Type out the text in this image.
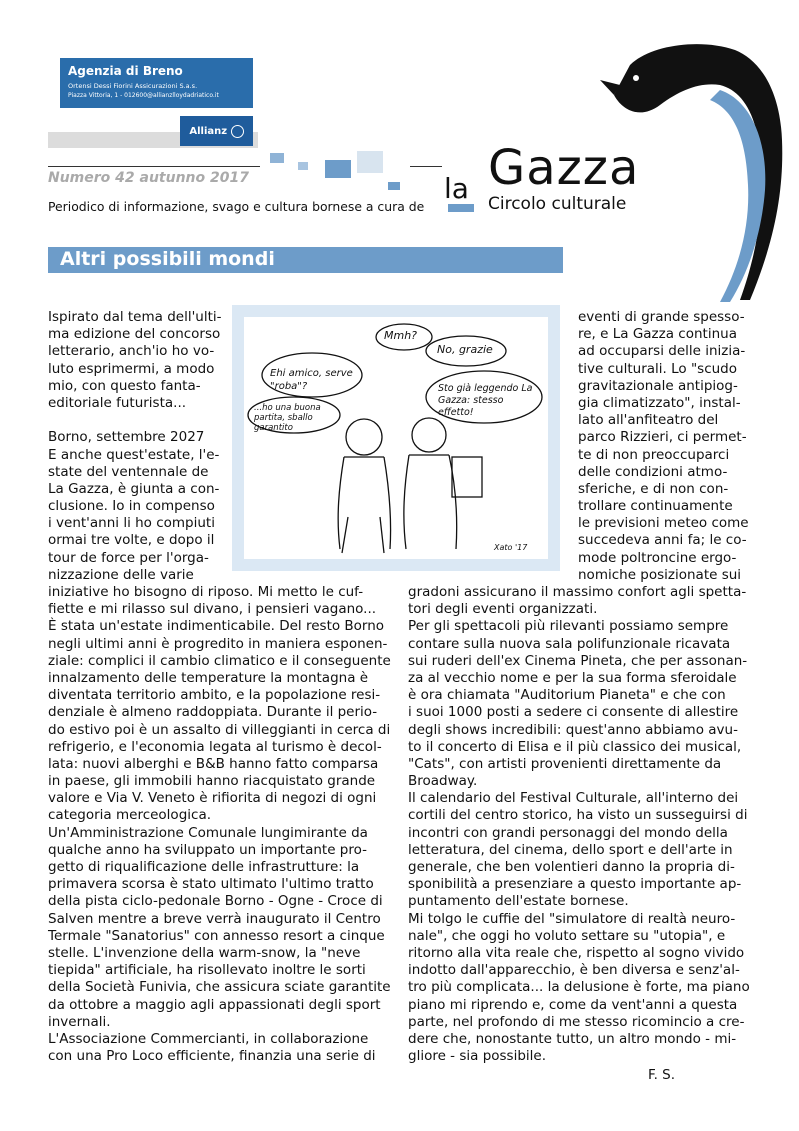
Agenzia di Breno
Ortensi Dessi Fiorini Assicurazioni S.a.s.
Piazza Vittoria, 1 - 012600@allianzlloydadriatico.it
Allianz

Numero 42 autunno 2017
Periodico di informazione, svago e cultura bornese a cura de
la Gazza
Circolo culturale
Altri possibili mondi
Mmh?
No, grazie
Ehi amico, serve "roba"?	Sto già leggendo La Gazza: stesso effetto!
...ho una buona partita, sballo garantito
Xato '17
Ispirato dal tema dell'ulti-
ma edizione del concorso
letterario, anch'io ho vo-
luto esprimermi, a modo
mio, con questo fanta-
editoriale futurista...

Borno, settembre 2027
E anche quest'estate, l'e-
state del ventennale de
La Gazza, è giunta a con-
clusione. Io in compenso
i vent'anni li ho compiuti
ormai tre volte, e dopo il
tour de force per l'orga-
nizzazione delle varie
iniziative ho bisogno di riposo. Mi metto le cuf-
fiette e mi rilasso sul divano, i pensieri vagano...
È stata un'estate indimenticabile. Del resto Borno
negli ultimi anni è progredito in maniera esponen-
ziale: complici il cambio climatico e il conseguente
innalzamento delle temperature la montagna è
diventata territorio ambito, e la popolazione resi-
denziale è almeno raddoppiata. Durante il perio-
do estivo poi è un assalto di villeggianti in cerca di
refrigerio, e l'economia legata al turismo è decol-
lata: nuovi alberghi e B&B hanno fatto comparsa
in paese, gli immobili hanno riacquistato grande
valore e Via V. Veneto è rifiorita di negozi di ogni
categoria merceologica.
Un'Amministrazione Comunale lungimirante da
qualche anno ha sviluppato un importante pro-
getto di riqualificazione delle infrastrutture: la
primavera scorsa è stato ultimato l'ultimo tratto
della pista ciclo-pedonale Borno - Ogne - Croce di
Salven mentre a breve verrà inaugurato il Centro
Termale "Sanatorius" con annesso resort a cinque
stelle. L'invenzione della warm-snow, la "neve
tiepida" artificiale, ha risollevato inoltre le sorti
della Società Funivia, che assicura sciate garantite
da ottobre a maggio agli appassionati degli sport
invernali.
L'Associazione Commercianti, in collaborazione
con una Pro Loco efficiente, finanzia una serie di
eventi di grande spesso-
re, e La Gazza continua
ad occuparsi delle inizia-
tive culturali. Lo "scudo
gravitazionale antipiog-
gia climatizzato", instal-
lato all'anfiteatro del
parco Rizzieri, ci permet-
te di non preoccuparci
delle condizioni atmo-
sferiche, e di non con-
trollare continuamente
le previsioni meteo come
succedeva anni fa; le co-
mode poltroncine ergo-
nomiche posizionate sui
gradoni assicurano il massimo confort agli spetta-
tori degli eventi organizzati.
Per gli spettacoli più rilevanti possiamo sempre
contare sulla nuova sala polifunzionale ricavata
sui ruderi dell'ex Cinema Pineta, che per assonan-
za al vecchio nome e per la sua forma sferoidale
è ora chiamata "Auditorium Pianeta" e che con
i suoi 1000 posti a sedere ci consente di allestire
degli shows incredibili: quest'anno abbiamo avu-
to il concerto di Elisa e il più classico dei musical,
"Cats", con artisti provenienti direttamente da
Broadway.
Il calendario del Festival Culturale, all'interno dei
cortili del centro storico, ha visto un susseguirsi di
incontri con grandi personaggi del mondo della
letteratura, del cinema, dello sport e dell'arte in
generale, che ben volentieri danno la propria di-
sponibilità a presenziare a questo importante ap-
puntamento dell'estate bornese.
Mi tolgo le cuffie del "simulatore di realtà neuro-
nale", che oggi ho voluto settare su "utopia", e
ritorno alla vita reale che, rispetto al sogno vivido
indotto dall'apparecchio, è ben diversa e senz'al-
tro più complicata... la delusione è forte, ma piano
piano mi riprendo e, come da vent'anni a questa
parte, nel profondo di me stesso ricomincio a cre-
dere che, nonostante tutto, un altro mondo - mi-
gliore - sia possibile.
F. S.
